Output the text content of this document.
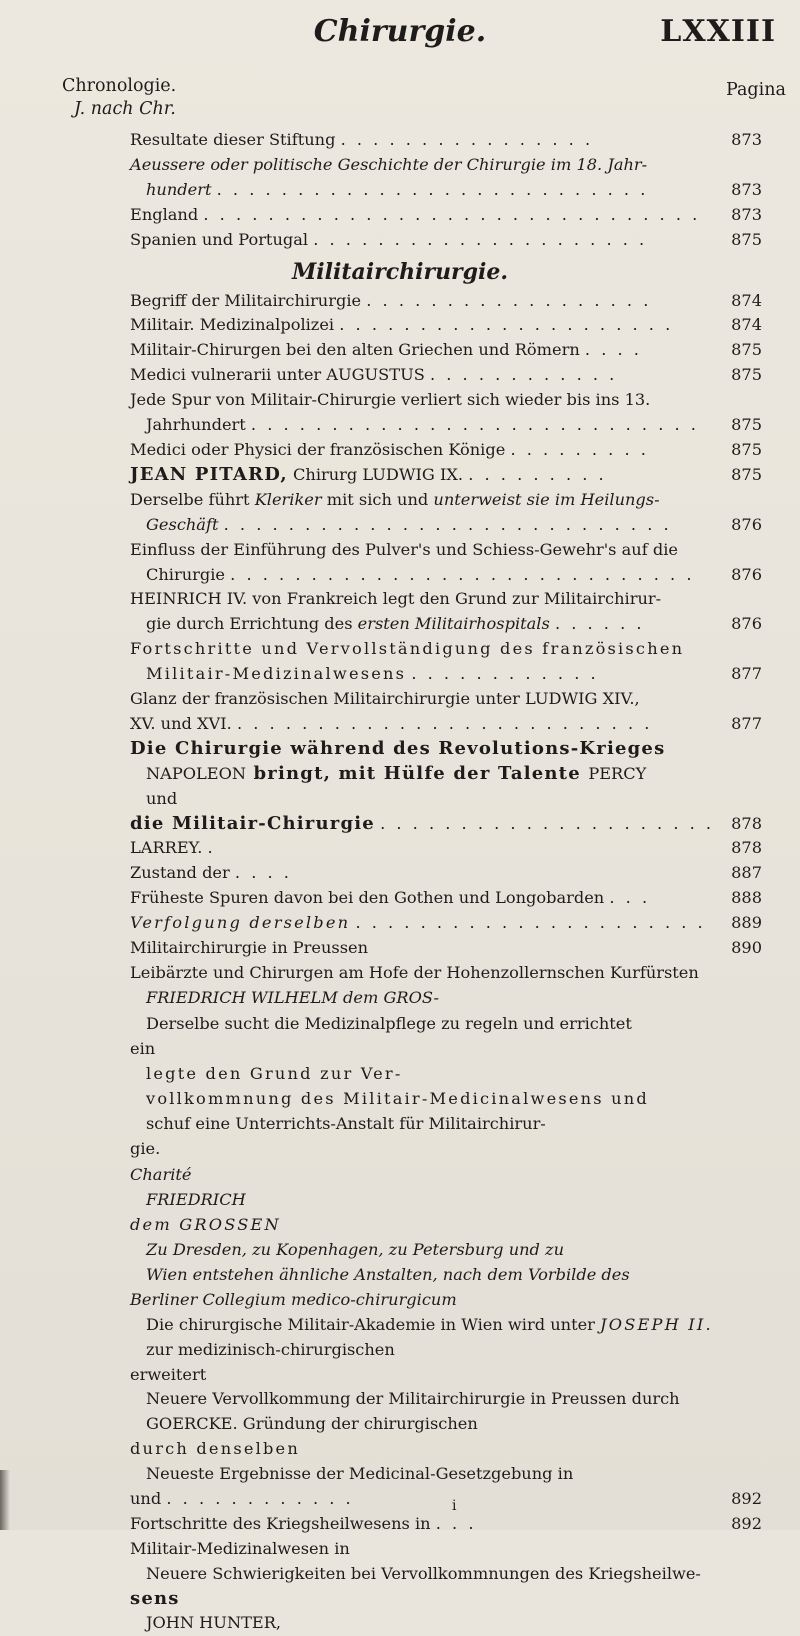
Chirurgie.	LXXIII
Chronologie.
J. nach Chr.
Pagina
Resultate dieser Stiftung . . . . . . . . . . . . . . . .	873
Aeussere oder politische Geschichte der Chirurgie im 18. Jahr-
hundert . . . . . . . . . . . . . . . . . . . . . . . . . . .	873
England . . . . . . . . . . . . . . . . . . . . . . . . . . . . . . .	873
Spanien und Portugal . . . . . . . . . . . . . . . . . . . . .	875
Militairchirurgie.
Begriff der Militairchirurgie . . . . . . . . . . . . . . . . . .	874
Militair. Medizinalpolizei . . . . . . . . . . . . . . . . . . . . .	874
Militair-Chirurgen bei den alten Griechen und Römern . . . .	875
Medici vulnerarii unter AUGUSTUS . . . . . . . . . . . .	875
Jede Spur von Militair-Chirurgie verliert sich wieder bis ins 13.
Jahrhundert . . . . . . . . . . . . . . . . . . . . . . . . . . . .	875
Medici oder Physici der französischen Könige . . . . . . . . .	875
JEAN PITARD, Chirurg LUDWIG IX. . . . . . . . . .	875
Derselbe führt Kleriker mit sich und unterweist sie im Heilungs-
Geschäft . . . . . . . . . . . . . . . . . . . . . . . . . . . .	876
Einfluss der Einführung des Pulver's und Schiess-Gewehr's auf die
Chirurgie . . . . . . . . . . . . . . . . . . . . . . . . . . . . .	876
HEINRICH IV. von Frankreich legt den Grund zur Militairchirur-
gie durch Errichtung des ersten Militairhospitals . . . . . .	876
Fortschritte und Vervollständigung des französischen
Militair-Medizinalwesens . . . . . . . . . . . .	877
Glanz der französischen Militairchirurgie unter LUDWIG XIV.,
XV. und XVI. . . . . . . . . . . . . . . . . . . . . . . . . . .	877
Die Chirurgie während des Revolutions-Krieges
NAPOLEON bringt, mit Hülfe der Talente PERCY
und
die Militair-Chirurgie . . . . . . . . . . . . . . . . . . . . .	878
LARREY. .	878
Zustand der . . . .	887
Früheste Spuren davon bei den Gothen und Longobarden . . .	888
Verfolgung derselben . . . . . . . . . . . . . . . . . . . . . .	889
Militairchirurgie in Preussen	890
Leibärzte und Chirurgen am Hofe der Hohenzollernschen Kurfürsten
FRIEDRICH WILHELM dem GROS-
Derselbe sucht die Medizinalpflege zu regeln und errichtet
ein
legte den Grund zur Ver-
vollkommnung des Militair-Medicinalwesens und
schuf eine Unterrichts-Anstalt für Militairchirur-
gie.
Charité
FRIEDRICH
dem GROSSEN
Zu Dresden, zu Kopenhagen, zu Petersburg und zu
Wien entstehen ähnliche Anstalten, nach dem Vorbilde des
Berliner Collegium medico-chirurgicum
Die chirurgische Militair-Akademie in Wien wird unter JOSEPH II.
zur medizinisch-chirurgischen
erweitert
Neuere Vervollkommung der Militairchirurgie in Preussen durch
GOERCKE. Gründung der chirurgischen
durch denselben
Neueste Ergebnisse der Medicinal-Gesetzgebung in
und . . . . . . . . . . . .	892
Fortschritte des Kriegsheilwesens in . . .	892
Militair-Medizinalwesen in
Neuere Schwierigkeiten bei Vervollkommnungen des Kriegsheilwe-
sens
JOHN HUNTER,
i
